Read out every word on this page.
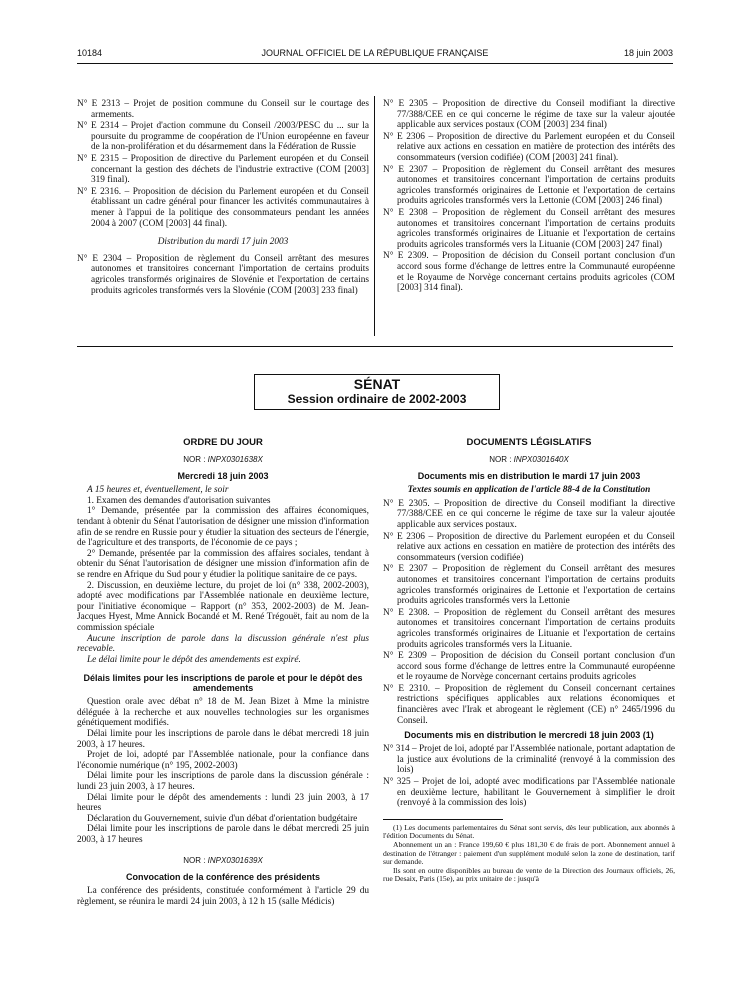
10184	JOURNAL OFFICIEL DE LA RÉPUBLIQUE FRANÇAISE	18 juin 2003

N° E 2313 – Projet de position commune du Conseil sur le courtage des armements.

N° E 2314 – Projet d'action commune du Conseil /2003/PESC du ... sur la poursuite du programme de coopération de l'Union européenne en faveur de la non-prolifération et du désarmement dans la Fédération de Russie

N° E 2315 – Proposition de directive du Parlement européen et du Conseil concernant la gestion des déchets de l'industrie extractive (COM [2003] 319 final).

N° E 2316. – Proposition de décision du Parlement européen et du Conseil établissant un cadre général pour financer les activités communautaires à mener à l'appui de la politique des consommateurs pendant les années 2004 à 2007 (COM [2003] 44 final).

Distribution du mardi 17 juin 2003

N° E 2304 – Proposition de règlement du Conseil arrêtant des mesures autonomes et transitoires concernant l'importation de certains produits agricoles transformés originaires de Slovénie et l'exportation de certains produits agricoles transformés vers la Slovénie (COM [2003] 233 final)

N° E 2305 – Proposition de directive du Conseil modifiant la directive 77/388/CEE en ce qui concerne le régime de taxe sur la valeur ajoutée applicable aux services postaux (COM [2003] 234 final)

N° E 2306 – Proposition de directive du Parlement européen et du Conseil relative aux actions en cessation en matière de protection des intérêts des consommateurs (version codifiée) (COM [2003] 241 final).

N° E 2307 – Proposition de règlement du Conseil arrêtant des mesures autonomes et transitoires concernant l'importation de certains produits agricoles transformés originaires de Lettonie et l'exportation de certains produits agricoles transformés vers la Lettonie (COM [2003] 246 final)

N° E 2308 – Proposition de règlement du Conseil arrêtant des mesures autonomes et transitoires concernant l'importation de certains produits agricoles transformés originaires de Lituanie et l'exportation de certains produits agricoles transformés vers la Lituanie (COM [2003] 247 final)

N° E 2309. – Proposition de décision du Conseil portant conclusion d'un accord sous forme d'échange de lettres entre la Communauté européenne et le Royaume de Norvège concernant certains produits agricoles (COM [2003] 314 final).

SÉNAT
Session ordinaire de 2002-2003
ORDRE DU JOUR
NOR : INPX0301638X
Mercredi 18 juin 2003

A 15 heures et, éventuellement, le soir

1. Examen des demandes d'autorisation suivantes

1° Demande, présentée par la commission des affaires économiques, tendant à obtenir du Sénat l'autorisation de désigner une mission d'information afin de se rendre en Russie pour y étudier la situation des secteurs de l'énergie, de l'agriculture et des transports, de l'économie de ce pays ;

2° Demande, présentée par la commission des affaires sociales, tendant à obtenir du Sénat l'autorisation de désigner une mission d'information afin de se rendre en Afrique du Sud pour y étudier la politique sanitaire de ce pays.

2. Discussion, en deuxième lecture, du projet de loi (n° 338, 2002-2003), adopté avec modifications par l'Assemblée nationale en deuxième lecture, pour l'initiative économique – Rapport (n° 353, 2002-2003) de M. Jean-Jacques Hyest, Mme Annick Bocandé et M. René Trégouët, fait au nom de la commission spéciale

Aucune inscription de parole dans la discussion générale n'est plus recevable.

Le délai limite pour le dépôt des amendements est expiré.

Délais limites pour les inscriptions de parole et pour le dépôt des amendements

Question orale avec débat n° 18 de M. Jean Bizet à Mme la ministre déléguée à la recherche et aux nouvelles technologies sur les organismes génétiquement modifiés.

Délai limite pour les inscriptions de parole dans le débat mercredi 18 juin 2003, à 17 heures.

Projet de loi, adopté par l'Assemblée nationale, pour la confiance dans l'économie numérique (n° 195, 2002-2003)

Délai limite pour les inscriptions de parole dans la discussion générale : lundi 23 juin 2003, à 17 heures.

Délai limite pour le dépôt des amendements : lundi 23 juin 2003, à 17 heures

Déclaration du Gouvernement, suivie d'un débat d'orientation budgétaire

Délai limite pour les inscriptions de parole dans le débat mercredi 25 juin 2003, à 17 heures

NOR : INPX0301639X
Convocation de la conférence des présidents

La conférence des présidents, constituée conformément à l'article 29 du règlement, se réunira le mardi 24 juin 2003, à 12 h 15 (salle Médicis)

DOCUMENTS LÉGISLATIFS
NOR : INPX0301640X
Documents mis en distribution le mardi 17 juin 2003
Textes soumis en application de l'article 88-4 de la Constitution

N° E 2305. – Proposition de directive du Conseil modifiant la directive 77/388/CEE en ce qui concerne le régime de taxe sur la valeur ajoutée applicable aux services postaux.

N° E 2306 – Proposition de directive du Parlement européen et du Conseil relative aux actions en cessation en matière de protection des intérêts des consommateurs (version codifiée)

N° E 2307 – Proposition de règlement du Conseil arrêtant des mesures autonomes et transitoires concernant l'importation de certains produits agricoles transformés originaires de Lettonie et l'exportation de certains produits agricoles transformés vers la Lettonie

N° E 2308. – Proposition de règlement du Conseil arrêtant des mesures autonomes et transitoires concernant l'importation de certains produits agricoles transformés originaires de Lituanie et l'exportation de certains produits agricoles transformés vers la Lituanie.

N° E 2309 – Proposition de décision du Conseil portant conclusion d'un accord sous forme d'échange de lettres entre la Communauté européenne et le royaume de Norvège concernant certains produits agricoles

N° E 2310. – Proposition de règlement du Conseil concernant certaines restrictions spécifiques applicables aux relations économiques et financières avec l'Irak et abrogeant le règlement (CE) n° 2465/1996 du Conseil.

Documents mis en distribution le mercredi 18 juin 2003 (1)

N° 314 – Projet de loi, adopté par l'Assemblée nationale, portant adaptation de la justice aux évolutions de la criminalité (renvoyé à la commission des lois)

N° 325 – Projet de loi, adopté avec modifications par l'Assemblée nationale en deuxième lecture, habilitant le Gouvernement à simplifier le droit (renvoyé à la commission des lois)

(1) Les documents parlementaires du Sénat sont servis, dès leur publication, aux abonnés à l'édition Documents du Sénat.

Abonnement un an : France 199,60 € plus 181,30 € de frais de port. Abonnement annuel à destination de l'étranger : paiement d'un supplément modulé selon la zone de destination, tarif sur demande.

Ils sont en outre disponibles au bureau de vente de la Direction des Journaux officiels, 26, rue Desaix, Paris (15e), au prix unitaire de : jusqu'à
